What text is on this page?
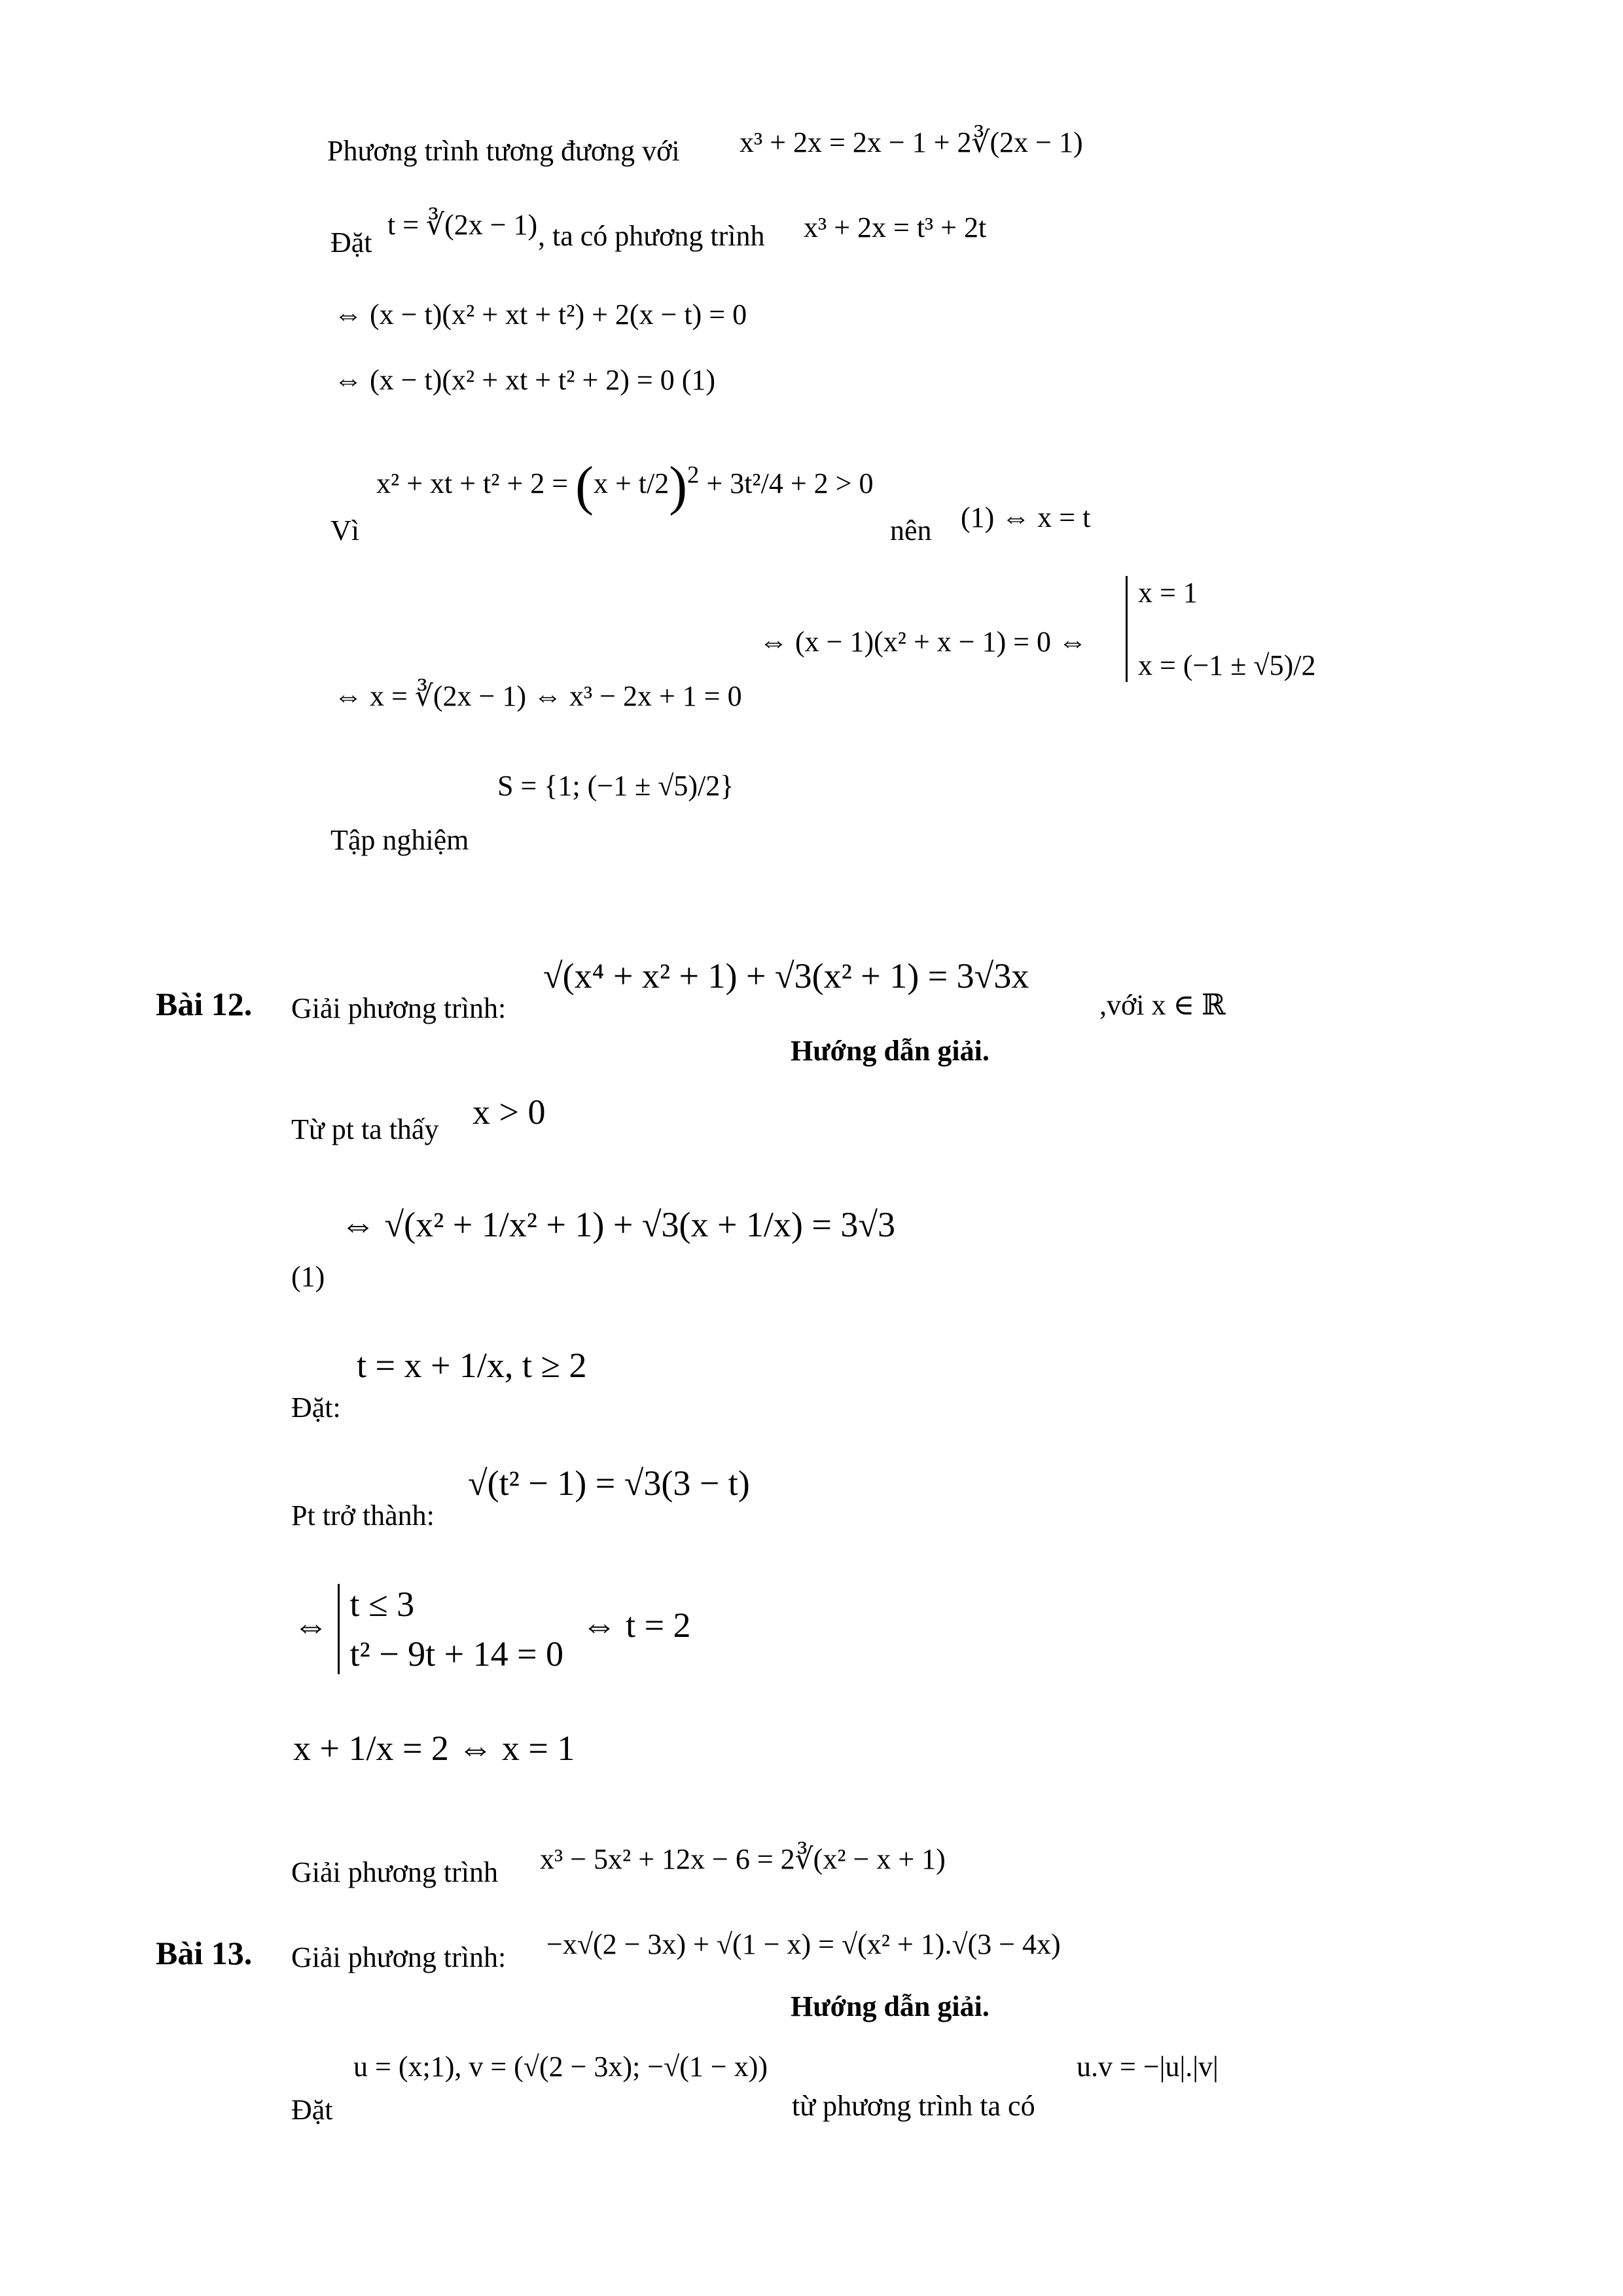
Phương trình tương đương với x³ + 2x = 2x − 1 + 2∛(2x − 1)
Đặt
t = ∛(2x − 1) , ta có phương trình x³ + 2x = t³ + 2t
⇔ (x − t)(x² + xt + t²) + 2(x − t) = 0
⇔ (x − t)(x² + xt + t² + 2) = 0 (1)
Vì
x² + xt + $t^2 + 2 = (x + t/2)^2 + 3t^2/4 + 2 > 0$
nên (1) ⇔ x = t
⇔ (x − 1)(x² + x − 1) = 0 ⇔
x = 1
x = (−1 ± √5)/2
⇔ x = ∛(2x − 1) ⇔ x³ − 2x + 1 = 0
Tập nghiệm
S = {1; (−1 ± √5)/2}
Bài 12. Giải phương trình:
√(x⁴ + x² + 1) + √3(x² + 1) = 3√3x
,với x ∈ ℝ
Hướng dẫn giải.
Từ pt ta thấy x > 0
⇔ √(x² + 1/x² + 1) + √3(x + 1/x) = 3√3
(1)
Đặt:
t = x + 1/x, t ≥ 2
Pt trở thành:
√(t² − 1) = √3(3 − t)
⇔
t ≤ 3
t² − 9t + 14 = 0
⇔ t = 2
x + 1/x = 2 ⇔ x = 1
Giải phương trình x³ − 5x² + 12x − 6 = 2∛(x² − x + 1)
Bài 13. Giải phương trình: −x√(2 − 3x) + √(1 − x) = √(x² + 1).√(3 − 4x)
Hướng dẫn giải.
Đặt
u = (x;1), v = (√(2 − 3x); −√(1 − x))
từ phương trình ta có
u.v = −|u|.|v|
